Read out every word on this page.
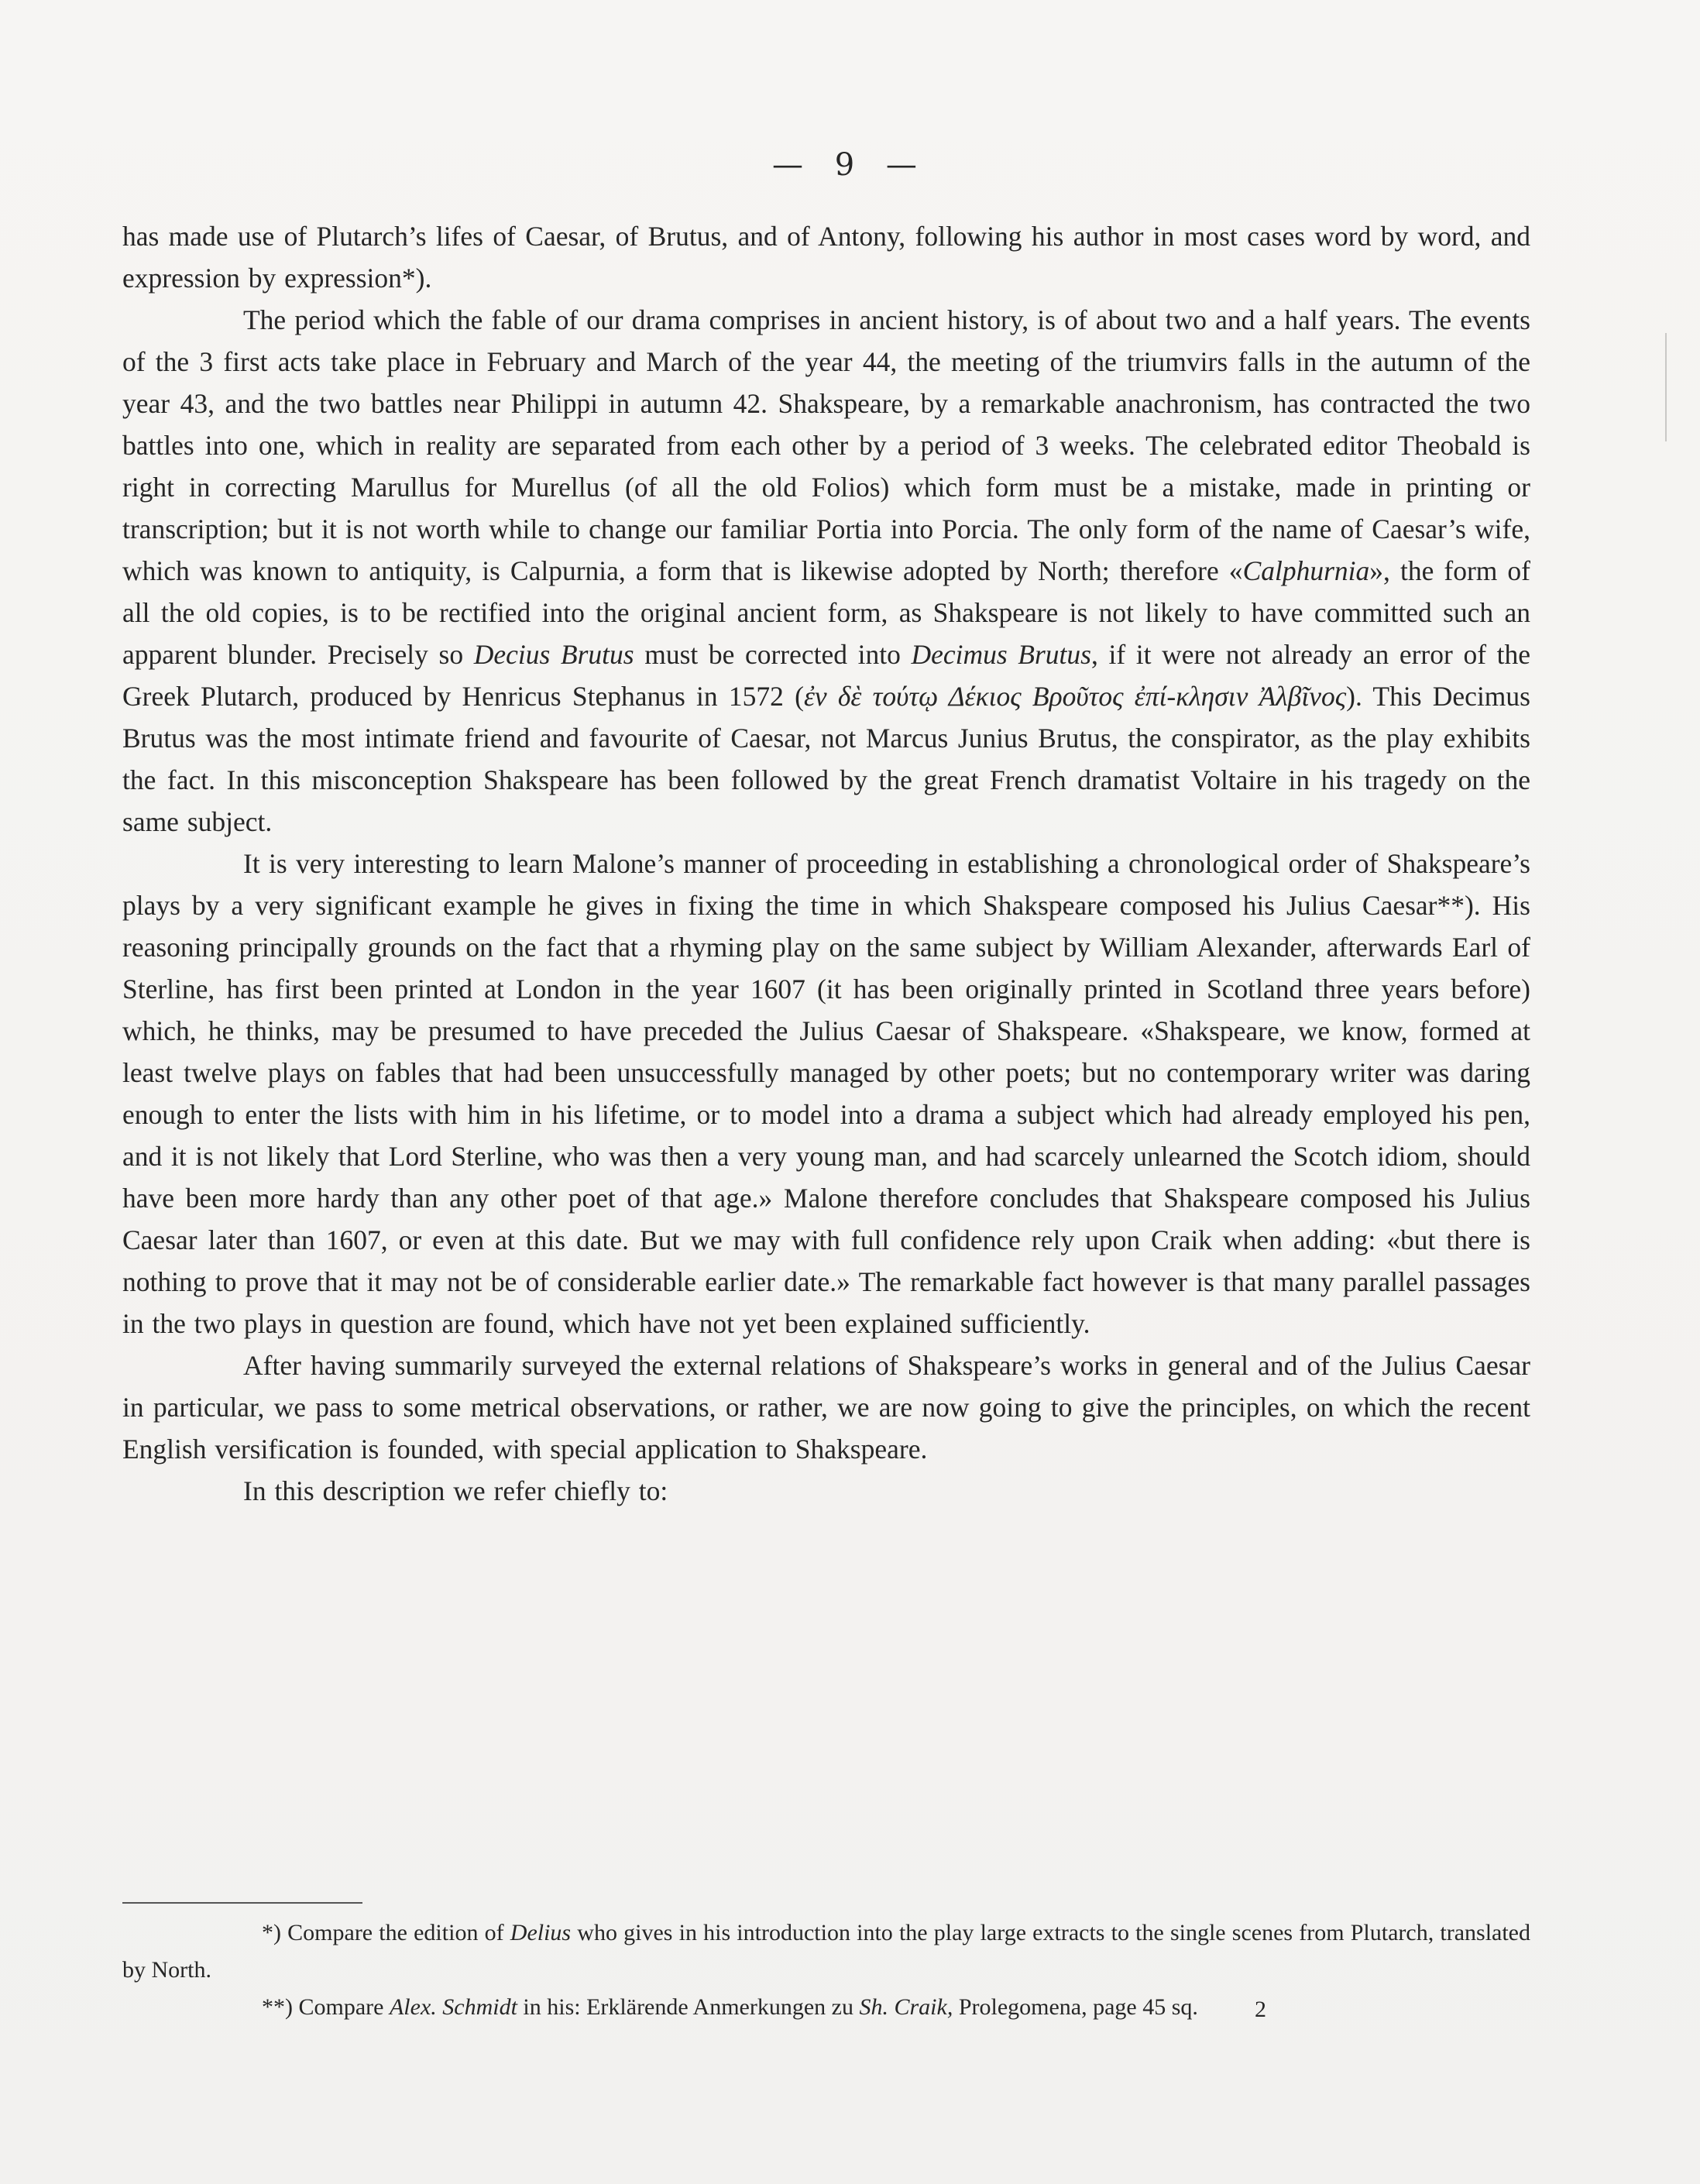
— 9 —

has made use of Plutarch’s lifes of Caesar, of Brutus, and of Antony, following his author in most cases word by word, and expression by expression*).

The period which the fable of our drama comprises in ancient history, is of about two and a half years. The events of the 3 first acts take place in February and March of the year 44, the meeting of the triumvirs falls in the autumn of the year 43, and the two battles near Philippi in autumn 42. Shakspeare, by a remarkable anachronism, has contracted the two battles into one, which in reality are separated from each other by a period of 3 weeks. The celebrated editor Theobald is right in correcting Marullus for Murellus (of all the old Folios) which form must be a mistake, made in printing or transcription; but it is not worth while to change our familiar Portia into Porcia. The only form of the name of Caesar’s wife, which was known to antiquity, is Calpurnia, a form that is likewise adopted by North; therefore «Calphurnia», the form of all the old copies, is to be rectified into the original ancient form, as Shakspeare is not likely to have committed such an apparent blunder. Precisely so Decius Brutus must be corrected into Decimus Brutus, if it were not already an error of the Greek Plutarch, produced by Henricus Stephanus in 1572 (ἐν δὲ τούτῳ Δέκιος Βροῦτος ἐπί-κλησιν Ἀλβῖνος). This Decimus Brutus was the most intimate friend and favourite of Caesar, not Marcus Junius Brutus, the conspirator, as the play exhibits the fact. In this misconception Shakspeare has been followed by the great French dramatist Voltaire in his tragedy on the same subject.

It is very interesting to learn Malone’s manner of proceeding in establishing a chronological order of Shakspeare’s plays by a very significant example he gives in fixing the time in which Shakspeare composed his Julius Caesar**). His reasoning principally grounds on the fact that a rhyming play on the same subject by William Alexander, afterwards Earl of Sterline, has first been printed at London in the year 1607 (it has been originally printed in Scotland three years before) which, he thinks, may be presumed to have preceded the Julius Caesar of Shakspeare. «Shakspeare, we know, formed at least twelve plays on fables that had been unsuccessfully managed by other poets; but no contemporary writer was daring enough to enter the lists with him in his lifetime, or to model into a drama a subject which had already employed his pen, and it is not likely that Lord Sterline, who was then a very young man, and had scarcely unlearned the Scotch idiom, should have been more hardy than any other poet of that age.» Malone therefore concludes that Shakspeare composed his Julius Caesar later than 1607, or even at this date. But we may with full confidence rely upon Craik when adding: «but there is nothing to prove that it may not be of considerable earlier date.» The remarkable fact however is that many parallel passages in the two plays in question are found, which have not yet been explained sufficiently.

After having summarily surveyed the external relations of Shakspeare’s works in general and of the Julius Caesar in particular, we pass to some metrical observations, or rather, we are now going to give the principles, on which the recent English versification is founded, with special application to Shakspeare.

In this description we refer chiefly to:

*) Compare the edition of Delius who gives in his introduction into the play large extracts to the single scenes from Plutarch, translated by North.

**) Compare Alex. Schmidt in his: Erklärende Anmerkungen zu Sh. Craik, Prolegomena, page 45 sq.	2
